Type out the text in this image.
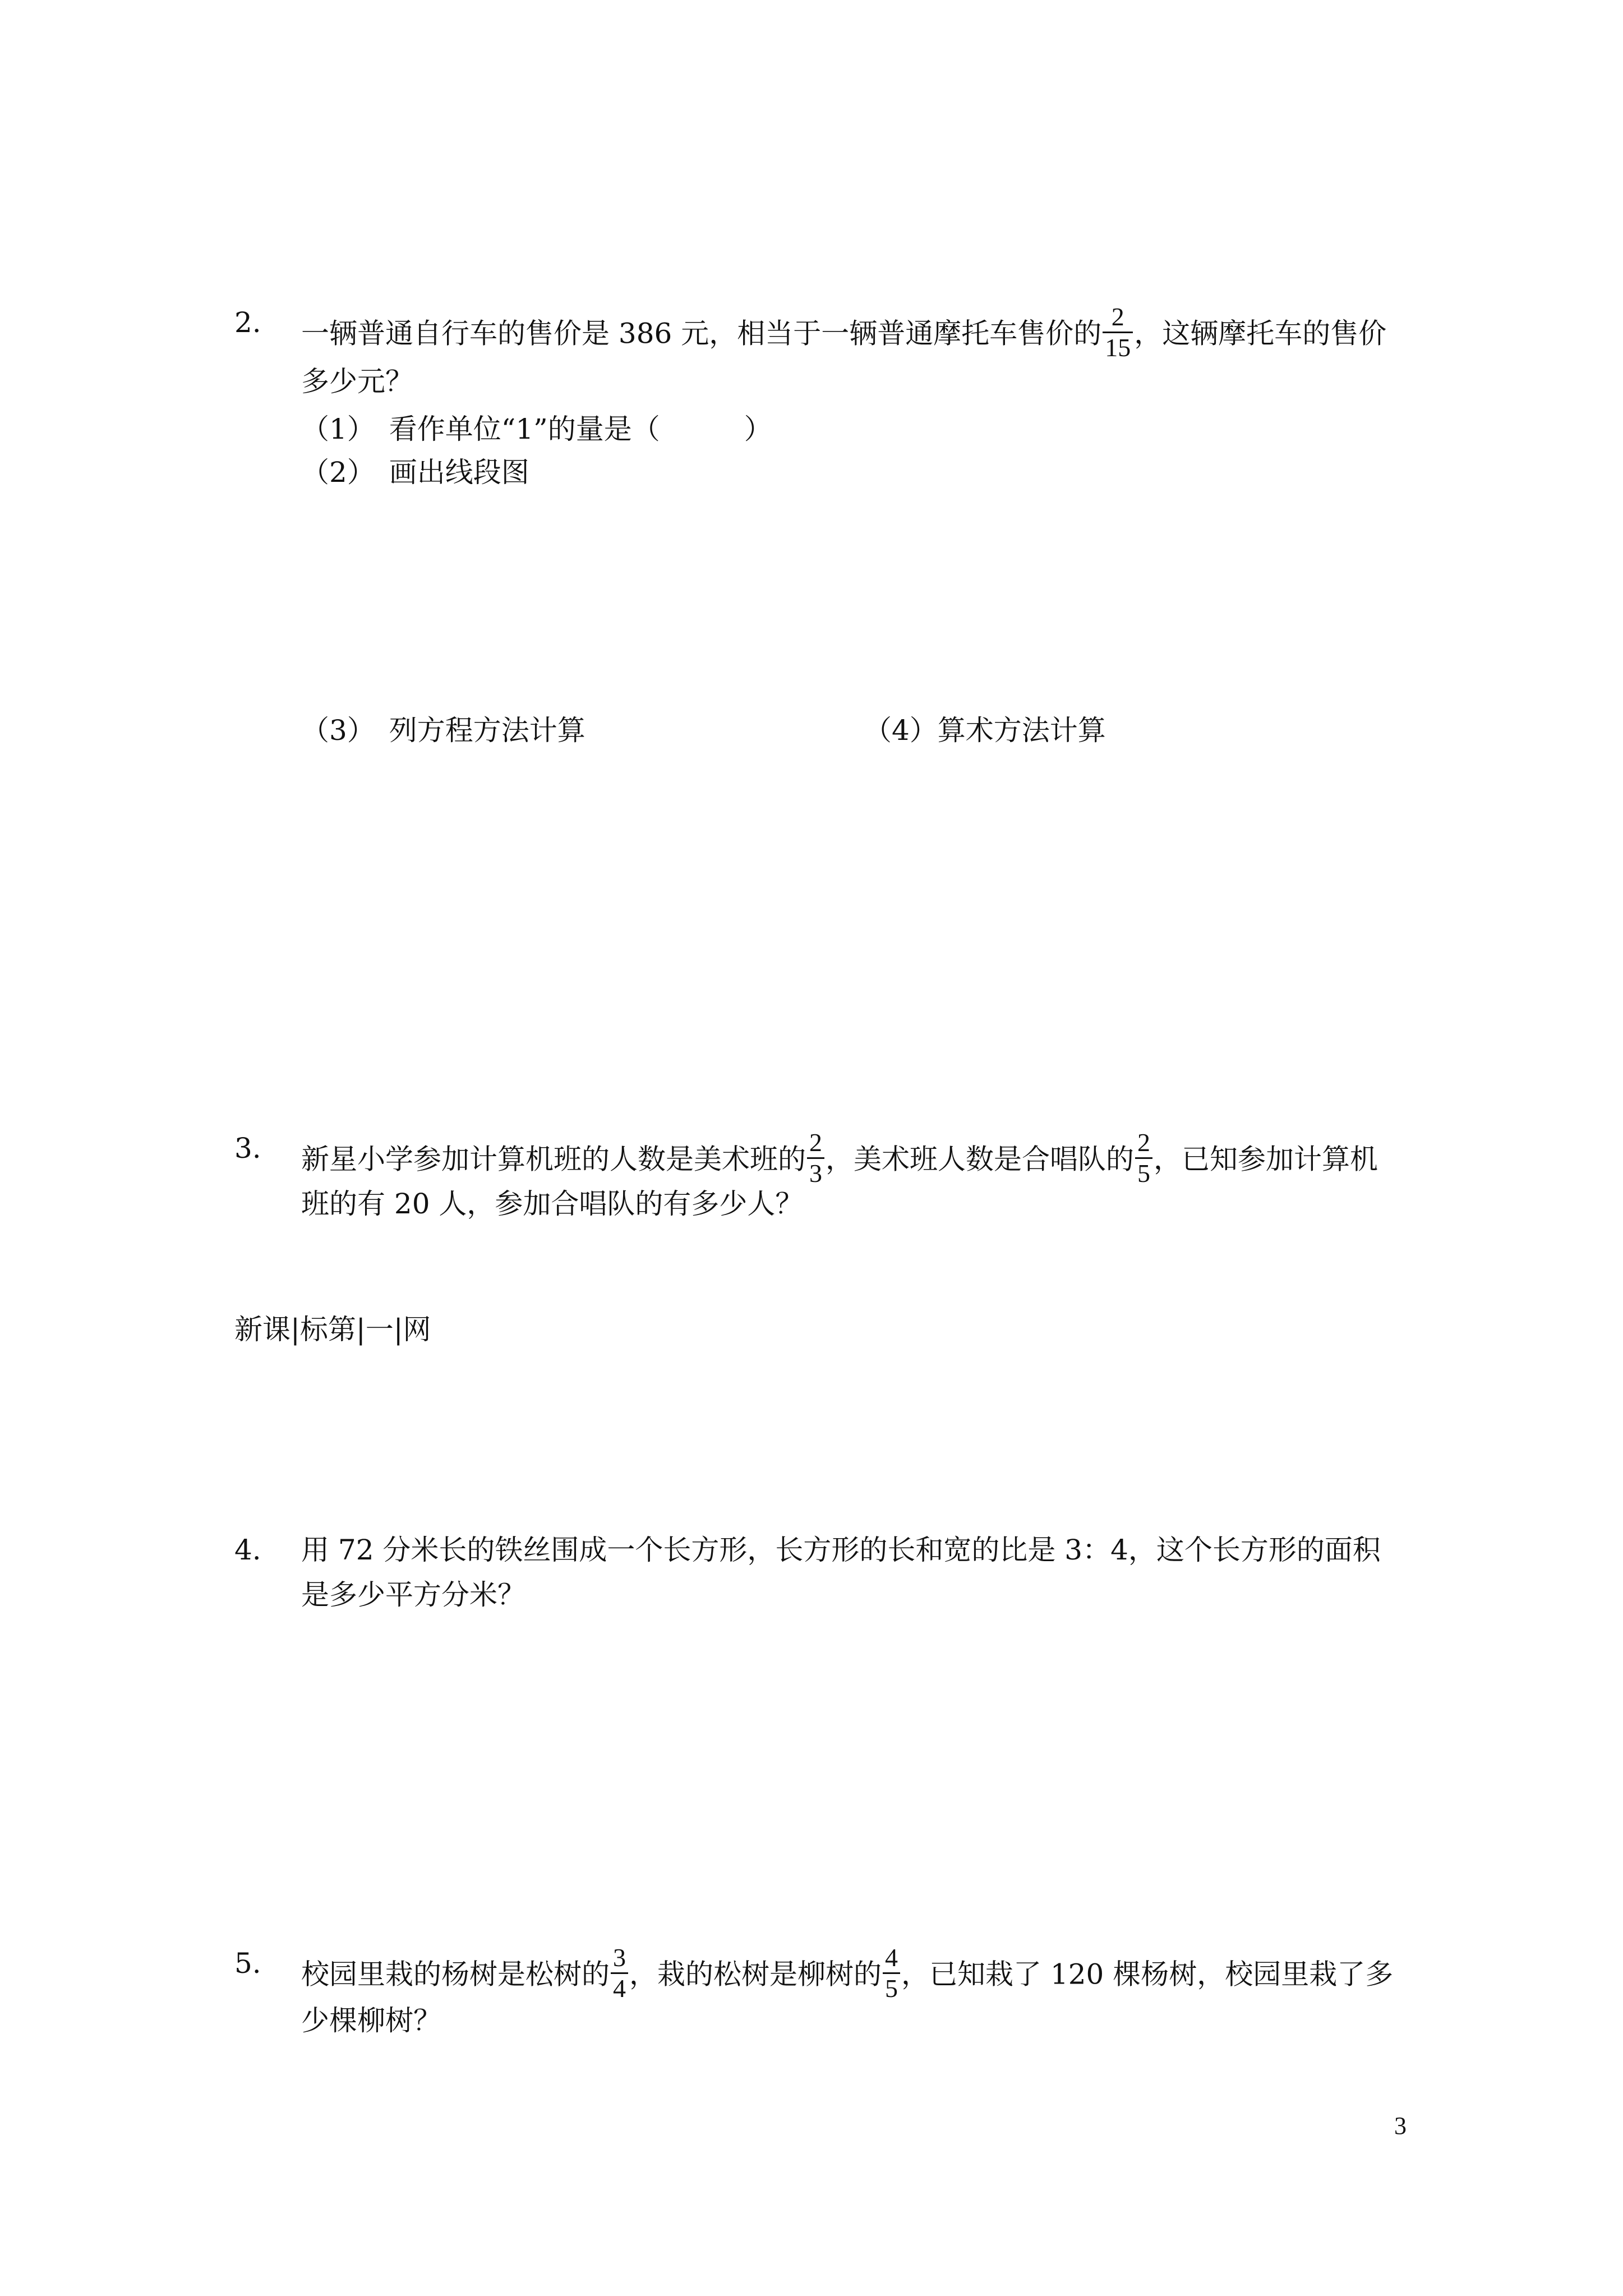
2. 一辆普通自行车的售价是 386 元，相当于一辆普通摩托车售价的 $\frac{2}{15}$ ，这辆摩托车的售价
多少元？
（1）　看作单位“1”的量是（　　　）
（2）　画出线段图
（3）　列方程方法计算	（4）算术方法计算
3. 新星小学参加计算机班的人数是美术班的 $\frac{2}{3}$ ，美术班人数是合唱队的 $\frac{2}{5}$ ，已知参加计算机
班的有 20 人，参加合唱队的有多少人？
新课|标第|一|网
4. 用 72 分米长的铁丝围成一个长方形，长方形的长和宽的比是 3：4，这个长方形的面积
是多少平方分米？
5. 校园里栽的杨树是松树的 $\frac{3}{4}$ ，栽的松树是柳树的 $\frac{4}{5}$ ，已知栽了 120 棵杨树，校园里栽了多
少棵柳树？
3
